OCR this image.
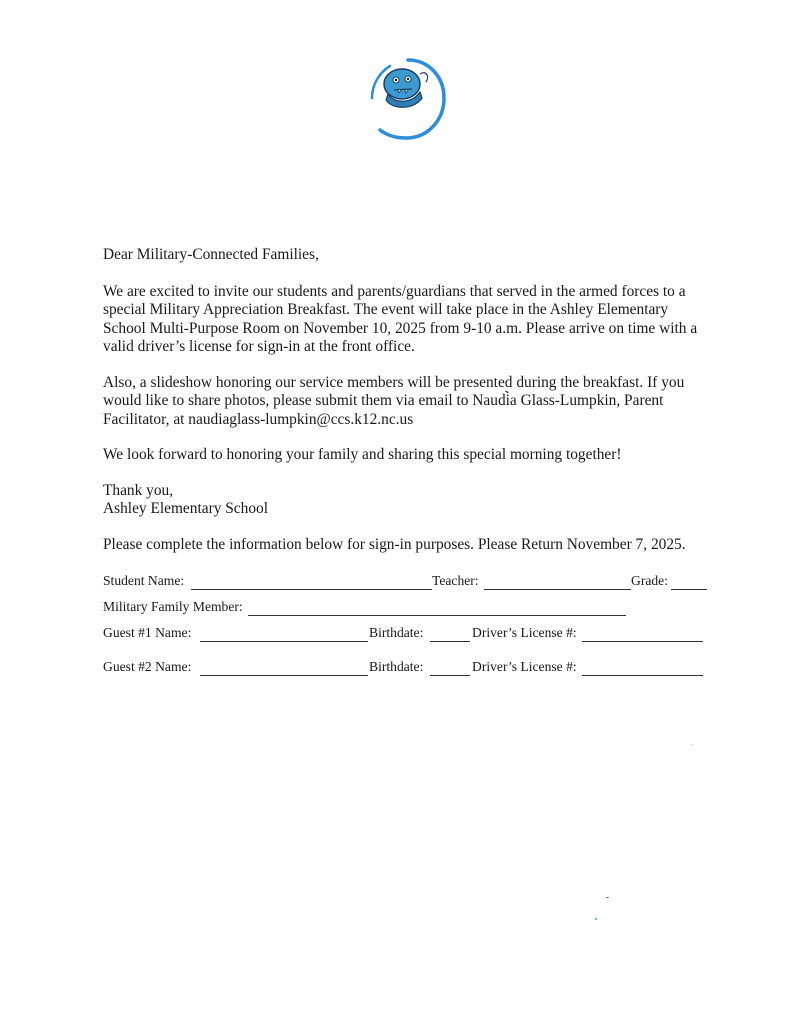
Dear Military-Connected Families,

We are excited to invite our students and parents/guardians that served in the armed forces to a special Military Appreciation Breakfast. The event will take place in the Ashley Elementary School Multi-Purpose Room on November 10, 2025 from 9-10 a.m. Please arrive on time with a valid driver’s license for sign-in at the front office.

Also, a slideshow honoring our service members will be presented during the breakfast. If you would like to share photos, please submit them via email to Naudi̇̀a Glass-Lumpkin, Parent Facilitator, at naudiaglass-lumpkin@ccs.k12.nc.us

We look forward to honoring your family and sharing this special morning together!

Thank you,
Ashley Elementary School

Please complete the information below for sign-in purposes. Please Return November 7, 2025.

Student Name:	Teacher:	Grade:
Military Family Member:
Guest #1 Name:	Birthdate:	Driver’s License #:
Guest #2 Name:	Birthdate:	Driver’s License #:
